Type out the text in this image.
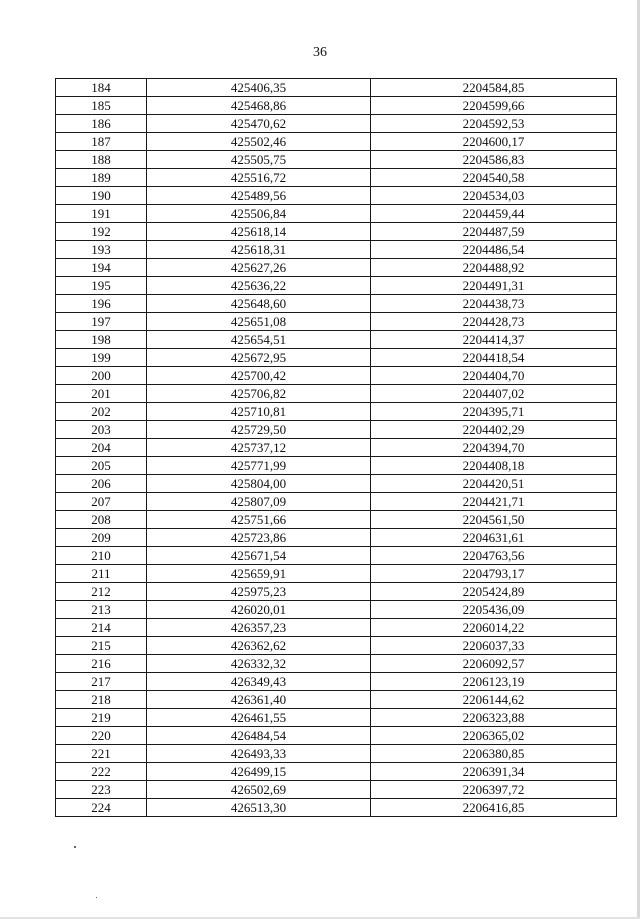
36
184	425406,35	2204584,85
185	425468,86	2204599,66
186	425470,62	2204592,53
187	425502,46	2204600,17
188	425505,75	2204586,83
189	425516,72	2204540,58
190	425489,56	2204534,03
191	425506,84	2204459,44
192	425618,14	2204487,59
193	425618,31	2204486,54
194	425627,26	2204488,92
195	425636,22	2204491,31
196	425648,60	2204438,73
197	425651,08	2204428,73
198	425654,51	2204414,37
199	425672,95	2204418,54
200	425700,42	2204404,70
201	425706,82	2204407,02
202	425710,81	2204395,71
203	425729,50	2204402,29
204	425737,12	2204394,70
205	425771,99	2204408,18
206	425804,00	2204420,51
207	425807,09	2204421,71
208	425751,66	2204561,50
209	425723,86	2204631,61
210	425671,54	2204763,56
211	425659,91	2204793,17
212	425975,23	2205424,89
213	426020,01	2205436,09
214	426357,23	2206014,22
215	426362,62	2206037,33
216	426332,32	2206092,57
217	426349,43	2206123,19
218	426361,40	2206144,62
219	426461,55	2206323,88
220	426484,54	2206365,02
221	426493,33	2206380,85
222	426499,15	2206391,34
223	426502,69	2206397,72
224	426513,30	2206416,85
